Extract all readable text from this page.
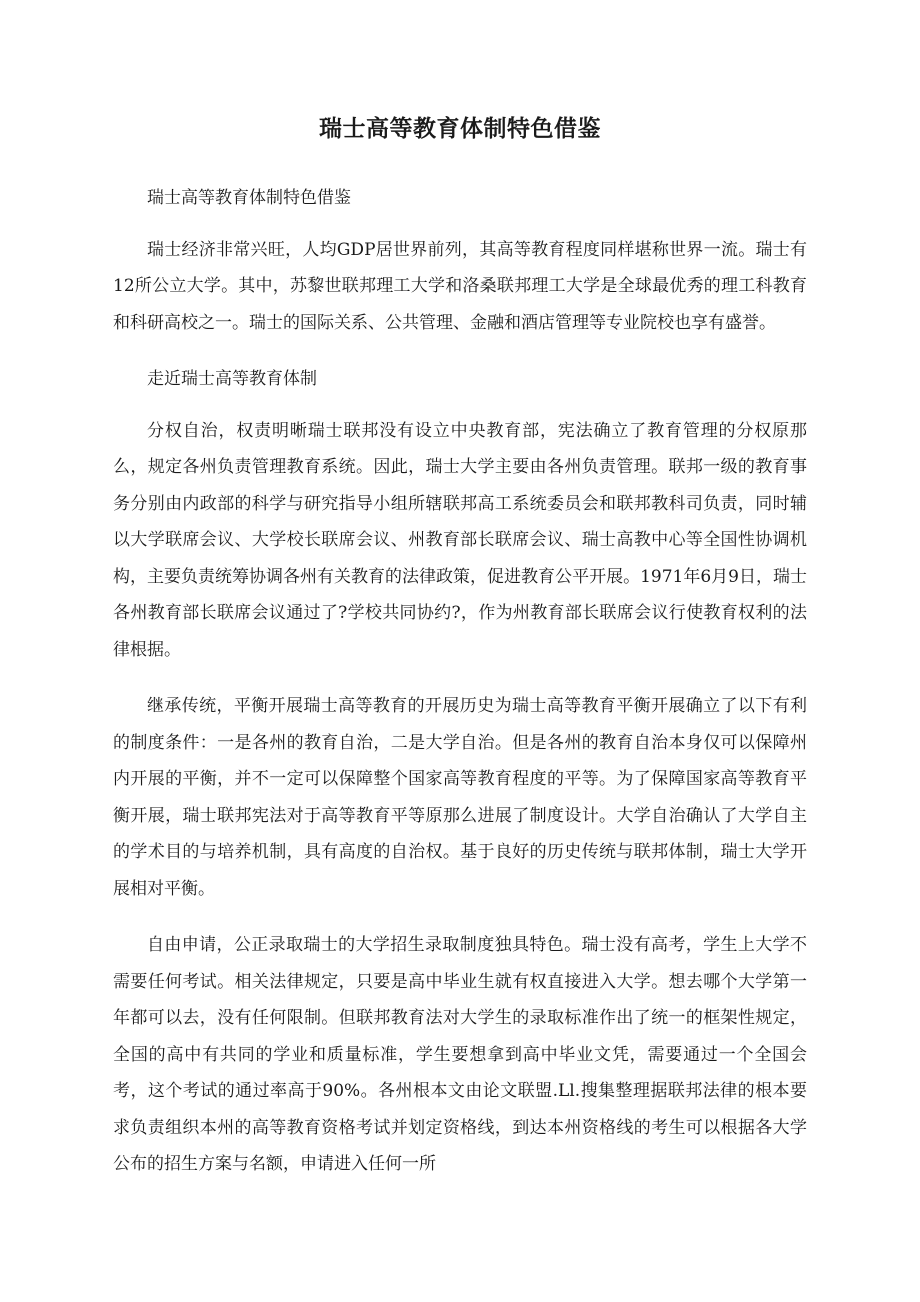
瑞士高等教育体制特色借鉴

瑞士高等教育体制特色借鉴

瑞士经济非常兴旺，人均GDP居世界前列，其高等教育程度同样堪称世界一流。瑞士有12所公立大学。其中，苏黎世联邦理工大学和洛桑联邦理工大学是全球最优秀的理工科教育和科研高校之一。瑞士的国际关系、公共管理、金融和酒店管理等专业院校也享有盛誉。

走近瑞士高等教育体制

分权自治，权责明晰瑞士联邦没有设立中央教育部，宪法确立了教育管理的分权原那么，规定各州负责管理教育系统。因此，瑞士大学主要由各州负责管理。联邦一级的教育事务分别由内政部的科学与研究指导小组所辖联邦高工系统委员会和联邦教科司负责，同时辅以大学联席会议、大学校长联席会议、州教育部长联席会议、瑞士高教中心等全国性协调机构，主要负责统筹协调各州有关教育的法律政策，促进教育公平开展。1971年6月9日，瑞士各州教育部长联席会议通过了?学校共同协约?，作为州教育部长联席会议行使教育权利的法律根据。

继承传统，平衡开展瑞士高等教育的开展历史为瑞士高等教育平衡开展确立了以下有利的制度条件：一是各州的教育自治，二是大学自治。但是各州的教育自治本身仅可以保障州内开展的平衡，并不一定可以保障整个国家高等教育程度的平等。为了保障国家高等教育平衡开展，瑞士联邦宪法对于高等教育平等原那么进展了制度设计。大学自治确认了大学自主的学术目的与培养机制，具有高度的自治权。基于良好的历史传统与联邦体制，瑞士大学开展相对平衡。

自由申请，公正录取瑞士的大学招生录取制度独具特色。瑞士没有高考，学生上大学不需要任何考试。相关法律规定，只要是高中毕业生就有权直接进入大学。想去哪个大学第一年都可以去，没有任何限制。但联邦教育法对大学生的录取标准作出了统一的框架性规定，全国的高中有共同的学业和质量标准，学生要想拿到高中毕业文凭，需要通过一个全国会考，这个考试的通过率高于90%。各州根本文由论文联盟.Ll.搜集整理据联邦法律的根本要求负责组织本州的高等教育资格考试并划定资格线，到达本州资格线的考生可以根据各大学公布的招生方案与名额，申请进入任何一所
